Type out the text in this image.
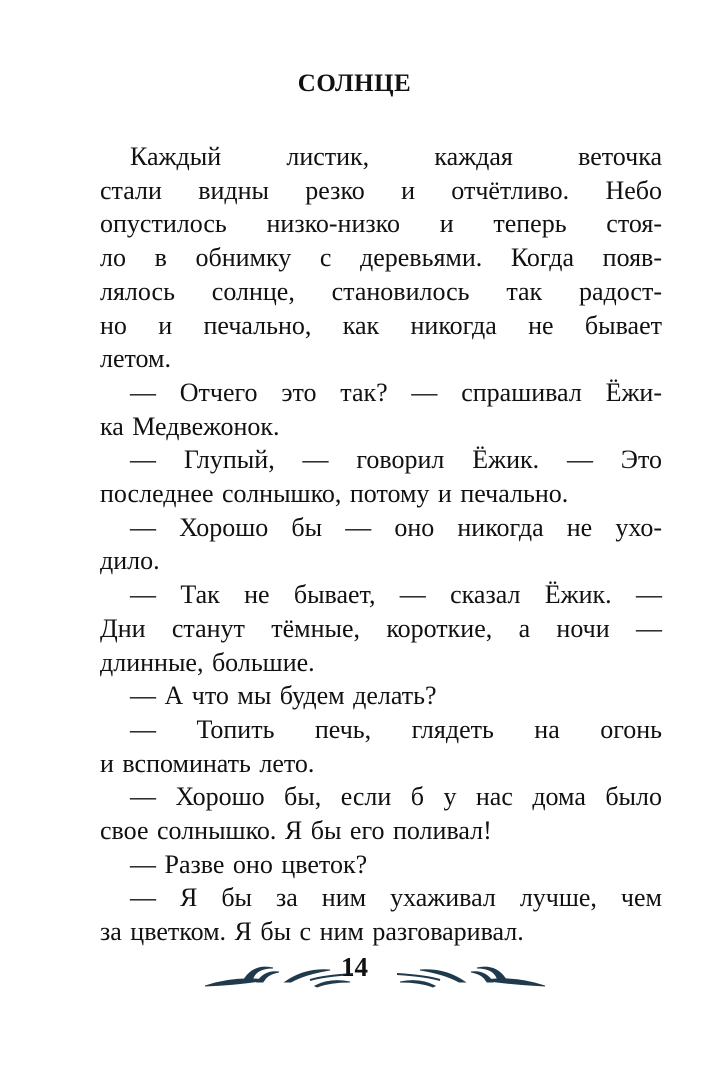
СОЛНЦЕ
Каждый листик, каждая веточка
стали видны резко и отчётливо. Небо
опустилось низко-низко и теперь стоя-
ло в обнимку с деревьями. Когда появ-
лялось солнце, становилось так радост-
но и печально, как никогда не бывает
летом.
— Отчего это так? — спрашивал Ёжи-
ка Медвежонок.
— Глупый, — говорил Ёжик. — Это
последнее солнышко, потому и печально.
— Хорошо бы — оно никогда не ухо-
дило.
— Так не бывает, — сказал Ёжик. —
Дни станут тёмные, короткие, а ночи —
длинные, большие.
— А что мы будем делать?
— Топить печь, глядеть на огонь
и вспоминать лето.
— Хорошо бы, если б у нас дома было
свое солнышко. Я бы его поливал!
— Разве оно цветок?
— Я бы за ним ухаживал лучше, чем
за цветком. Я бы с ним разговаривал.
14
